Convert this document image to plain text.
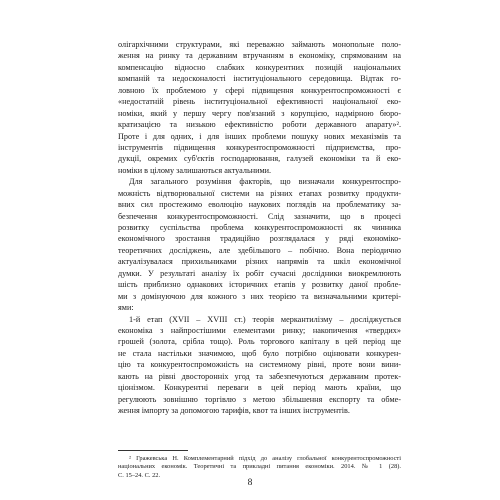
олігархічними структурами, які переважно займають монопольне поло-
ження на ринку та державним втручанням в економіку, спрямованим на
компенсацію відносно слабких конкурентних позицій національних
компаній та недосконалості інституціонального середовища. Відтак го-
ловною їх проблемою у сфері підвищення конкурентоспроможності є
«недостатній рівень інституціональної ефективності національної еко-
номіки, який у першу чергу пов'язаний з корупцією, надмірною бюро-
кратизацією та низькою ефективністю роботи державного апарату»².
Проте і для одних, і для інших проблеми пошуку нових механізмів та
інструментів підвищення конкурентоспроможності підприємства, про-
дукції, окремих суб'єктів господарювання, галузей економіки та й еко-
номіки в цілому залишаються актуальними.
Для загального розуміння факторів, що визначали конкурентоспро-
можність відтворювальної системи на різних етапах розвитку продукти-
вних сил простежимо еволюцію наукових поглядів на проблематику за-
безпечення конкурентоспроможності. Слід зазначити, що в процесі
розвитку суспільства проблема конкурентоспроможності як чинника
економічного зростання традиційно розглядалася у ряді економіко-
теоретичних досліджень, але здебільшого – побічно. Вона періодично
актуалізувалася прихильниками різних напрямів та шкіл економічної
думки. У результаті аналізу їх робіт сучасні дослідники виокремлюють
шість приблизно однакових історичних етапів у розвитку даної пробле-
ми з домінуючою для кожного з них теорією та визначальними критері-
ями:
1-й етап (XVII – XVIII ст.) теорія меркантилізму – досліджується
економіка з найпростішими елементами ринку; накопичення «твердих»
грошей (золота, срібла тощо). Роль торгового капіталу в цей період ще
не стала настільки значимою, щоб було потрібно оцінювати конкурен-
цію та конкурентоспроможність на системному рівні, проте вони вини-
кають на рівні двосторонніх угод та забезпечуються державним протек-
ціонізмом. Конкурентні переваги в цей період мають країни, що
регулюють зовнішню торгівлю з метою збільшення експорту та обме-
ження імпорту за допомогою тарифів, квот та інших інструментів.
² Гражевська Н. Комплементарний підхід до аналізу глобальної конкурентоспроможності
національних економік. Теоретичні та прикладні питання економіки. 2014. № 1 (28).
С. 15–24. С. 22.
8
